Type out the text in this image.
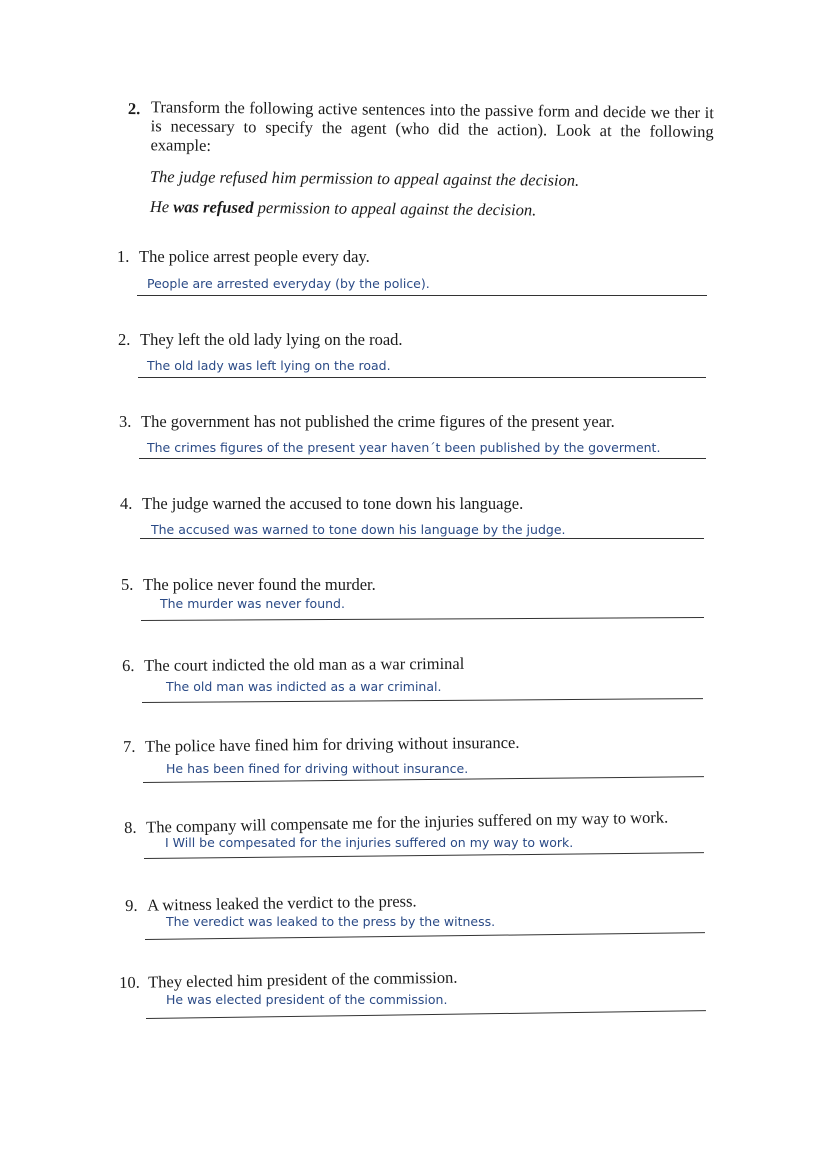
2. Transform the following active sentences into the passive form and decide we ther it is necessary to specify the agent (who did the action). Look at the following example:
The judge refused him permission to appeal against the decision.
He was refused permission to appeal against the decision.
1. The police arrest people every day.
People are arrested everyday (by the police).
2. They left the old lady lying on the road.
The old lady was left lying on the road.
3. The government has not published the crime figures of the present year.
The crimes figures of the present year haven´t been published by the goverment.
4. The judge warned the accused to tone down his language.
The accused was warned to tone down his language by the judge.
5. The police never found the murder.
The murder was never found.
6. The court indicted the old man as a war criminal
The old man was indicted as a war criminal.
7. The police have fined him for driving without insurance.
He has been fined for driving without insurance.
8. The company will compensate me for the injuries suffered on my way to work.
I Will be compesated for the injuries suffered on my way to work.
9. A witness leaked the verdict to the press.
The veredict was leaked to the press by the witness.
10. They elected him president of the commission.
He was elected president of the commission.
